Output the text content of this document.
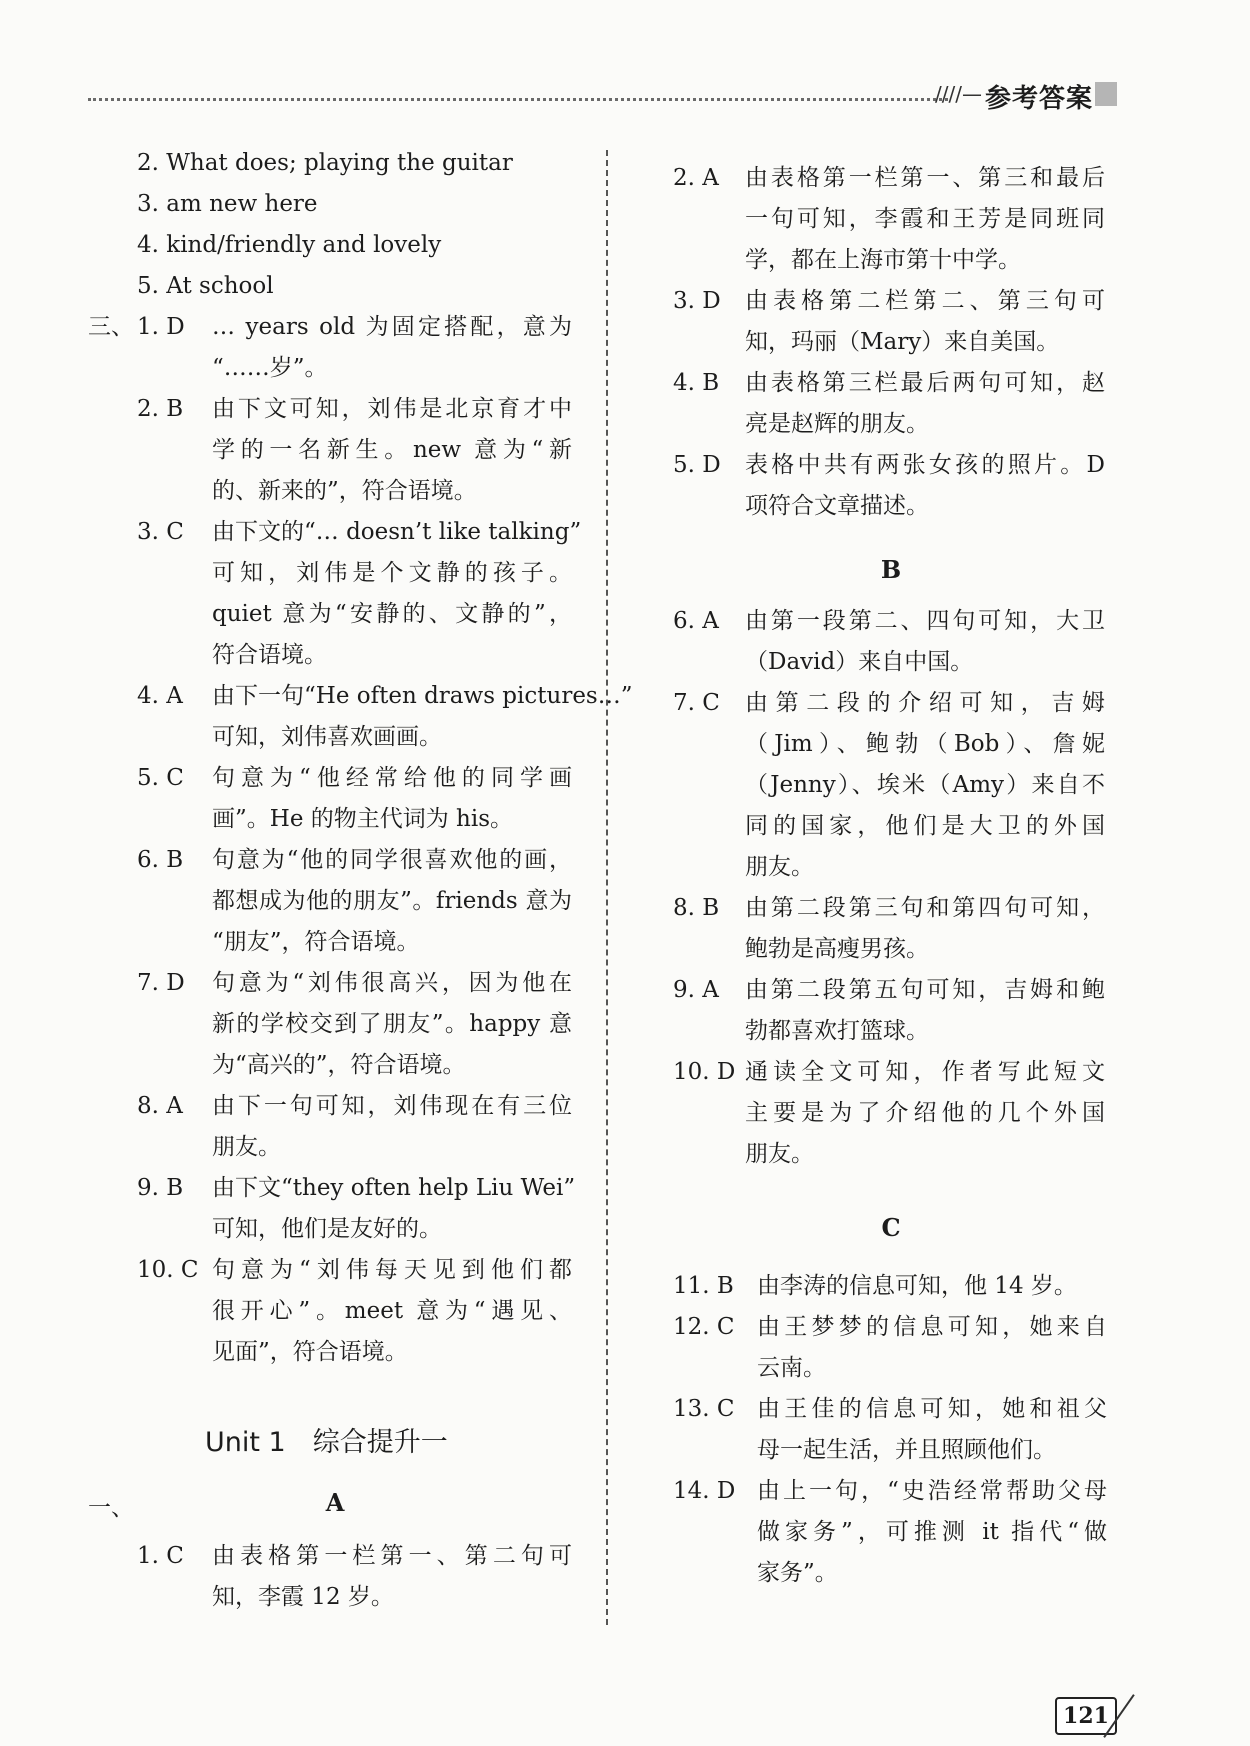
////— 参考答案
Unit 1　综合提升一
121
2. What does; playing the guitar
3. am new here
4. kind/friendly and lovely
5. At school
三、 1. D … years old 为固定搭配，意为
“……岁”。
2. B 由下文可知，刘伟是北京育才中
学的一名新生。new 意为“新
的、新来的”，符合语境。
3. C 由下文的“… doesn’t like talking”
可知，刘伟是个文静的孩子。
quiet 意为“安静的、文静的”，
符合语境。
4. A 由下一句“He often draws pictures…”
可知，刘伟喜欢画画。
5. C 句意为“他经常给他的同学画
画”。He 的物主代词为 his。
6. B 句意为“他的同学很喜欢他的画，
都想成为他的朋友”。friends 意为
“朋友”，符合语境。
7. D 句意为“刘伟很高兴，因为他在
新的学校交到了朋友”。happy 意
为“高兴的”，符合语境。
8. A 由下一句可知，刘伟现在有三位
朋友。
9. B 由下文“they often help Liu Wei”
可知，他们是友好的。
10. C 句意为“刘伟每天见到他们都
很开心”。meet 意为“遇见、
见面”，符合语境。
一、	A
1. C 由表格第一栏第一、第二句可
知，李霞 12 岁。
2. A 由表格第一栏第一、第三和最后
一句可知，李霞和王芳是同班同
学，都在上海市第十中学。
3. D 由表格第二栏第二、第三句可
知，玛丽（Mary）来自美国。
4. B 由表格第三栏最后两句可知，赵
亮是赵辉的朋友。
5. D 表格中共有两张女孩的照片。D
项符合文章描述。
B
6. A 由第一段第二、四句可知，大卫
（David）来自中国。
7. C 由第二段的介绍可知，吉姆
（Jim）、鲍勃（Bob）、詹妮
（Jenny）、埃米（Amy）来自不
同的国家，他们是大卫的外国
朋友。
8. B 由第二段第三句和第四句可知，
鲍勃是高瘦男孩。
9. A 由第二段第五句可知，吉姆和鲍
勃都喜欢打篮球。
10. D 通读全文可知，作者写此短文
主要是为了介绍他的几个外国
朋友。
C
11. B 由李涛的信息可知，他 14 岁。
12. C 由王梦梦的信息可知，她来自
云南。
13. C 由王佳的信息可知，她和祖父
母一起生活，并且照顾他们。
14. D 由上一句，“史浩经常帮助父母
做家务”，可推测 it 指代“做
家务”。
